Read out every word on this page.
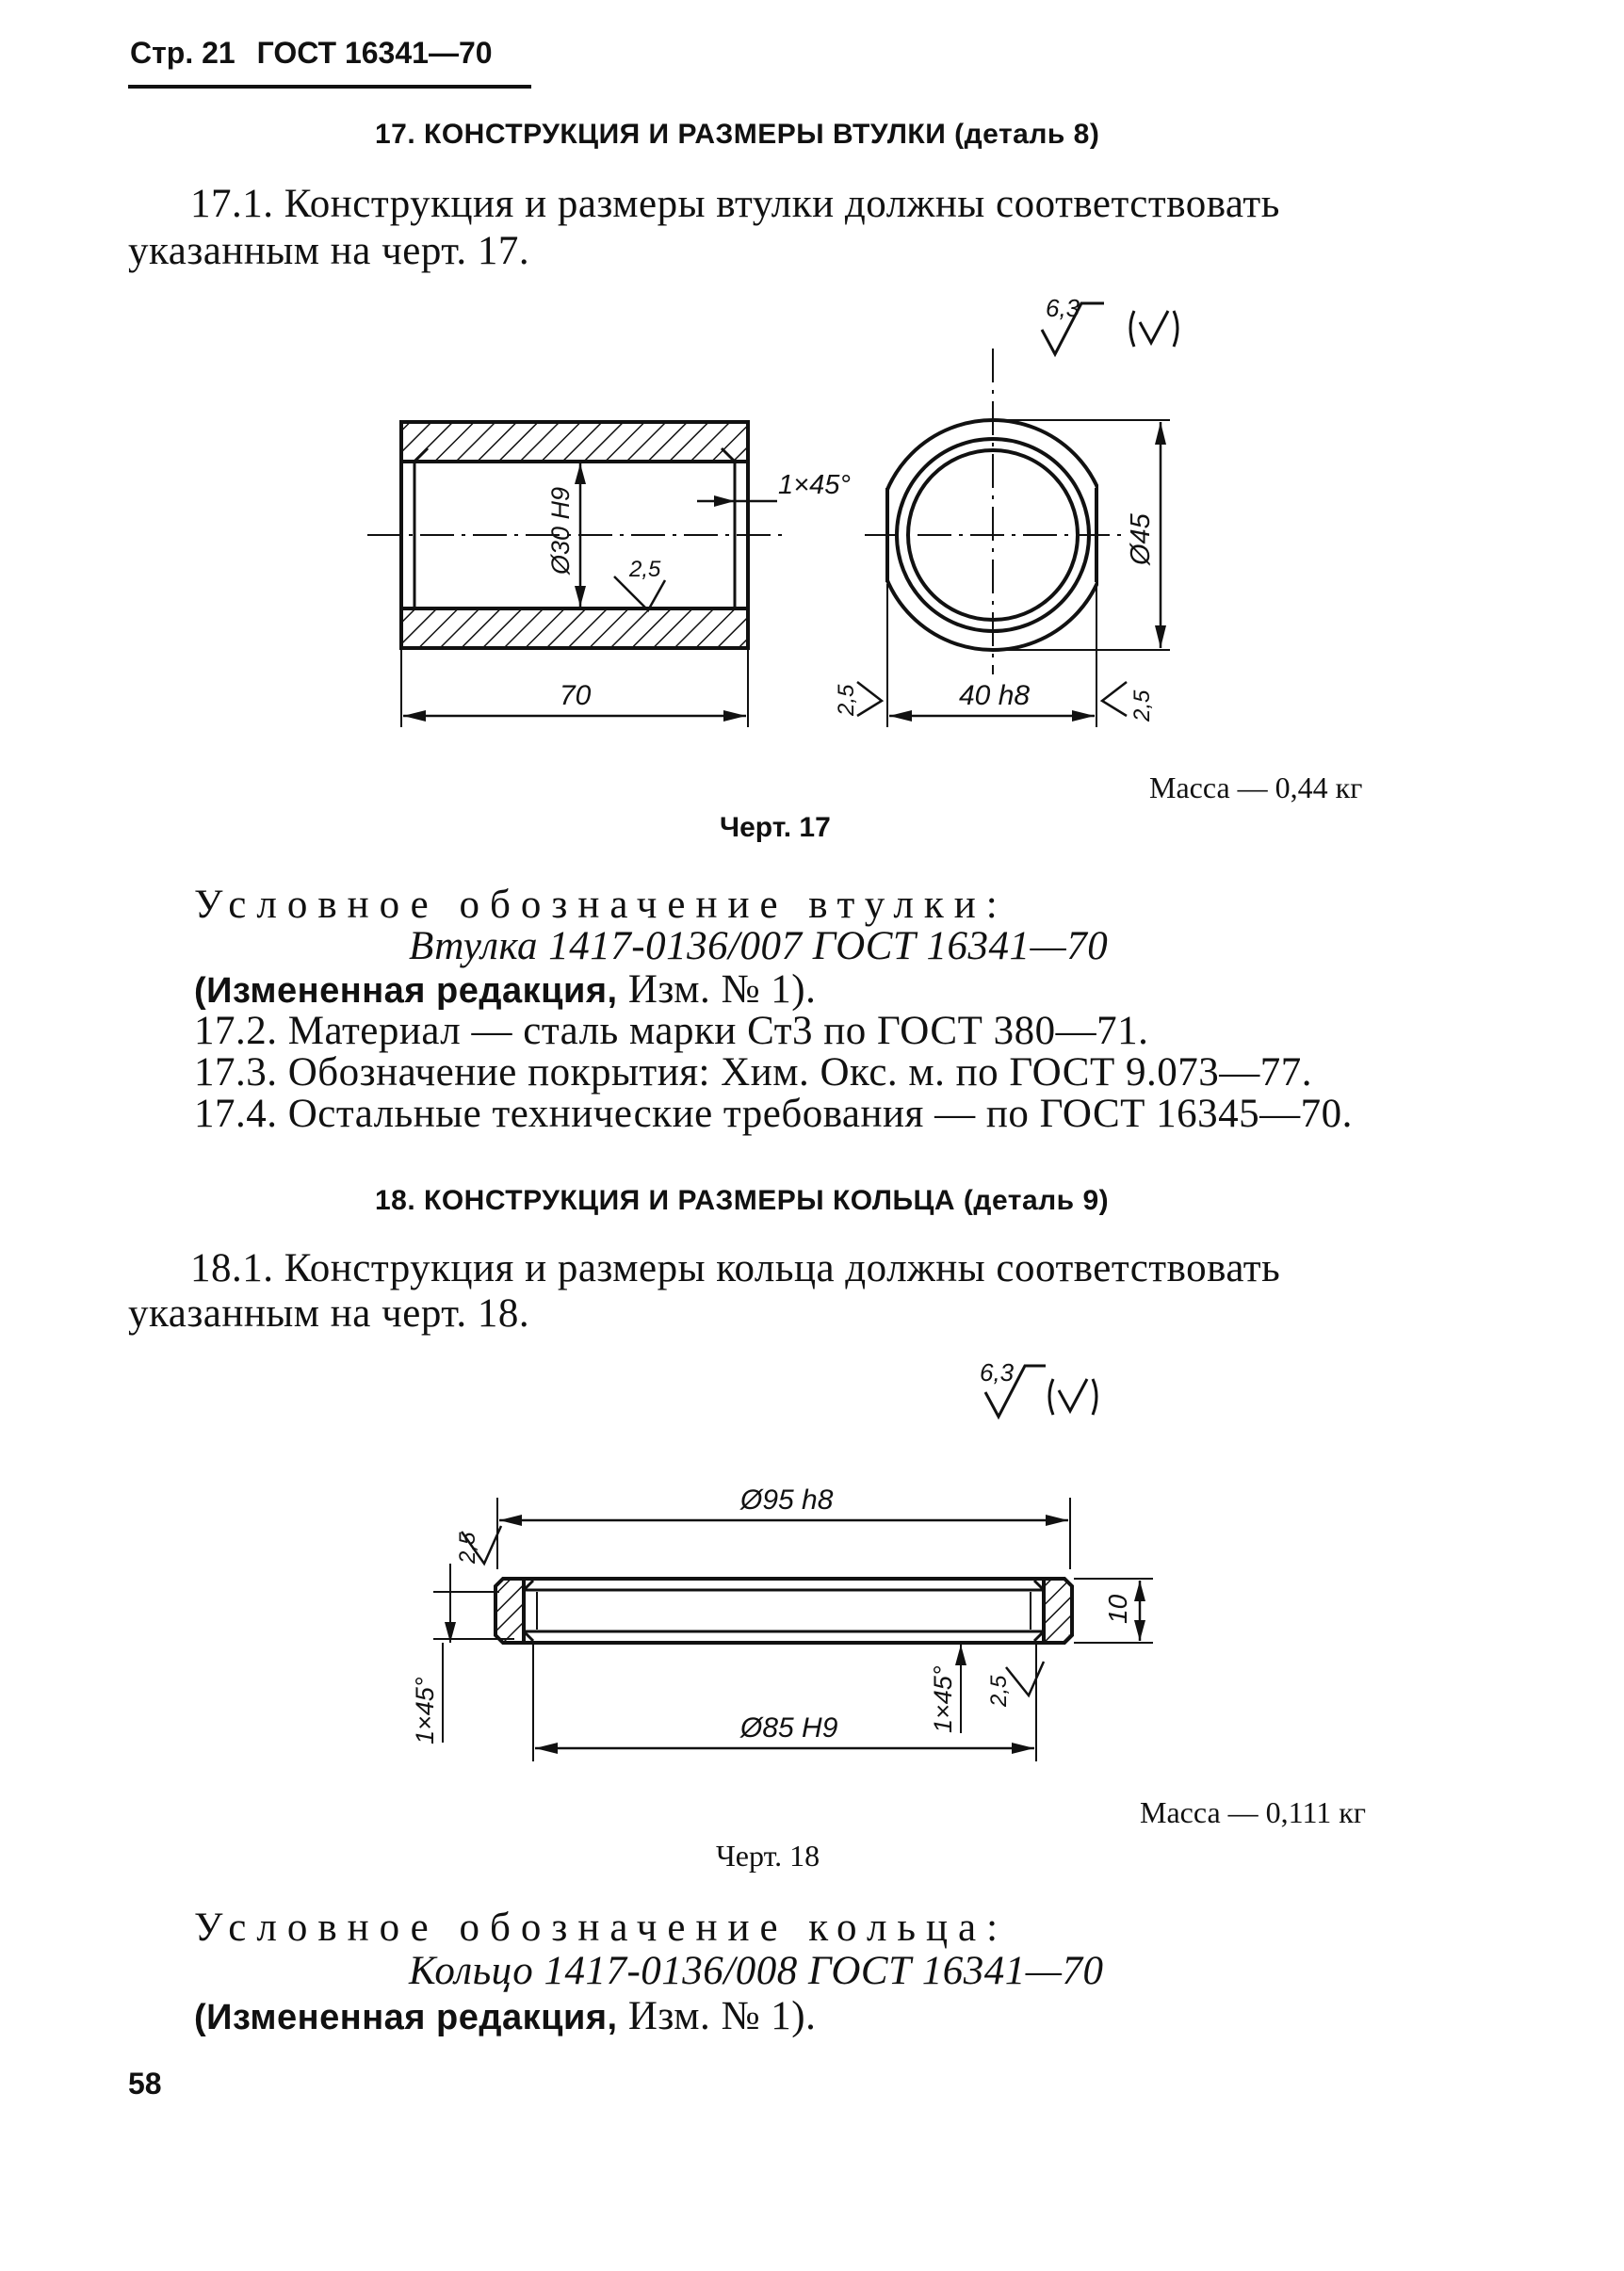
Стр. 21 ГОСТ 16341—70
17. КОНСТРУКЦИЯ И РАЗМЕРЫ ВТУЛКИ (деталь 8)
17.1. Конструкция и размеры втулки должны соответствовать
указанным на черт. 17.
6,3
Ø30 H9
1×45°
2,5
70
Ø45
40 h8
2,5	2,5
Масса — 0,44 кг
Черт. 17
Условное обозначение втулки:
Втулка 1417-0136/007 ГОСТ 16341—70
(Измененная редакция, Изм. № 1).
17.2. Материал — сталь марки Ст3 по ГОСТ 380—71.
17.3. Обозначение покрытия: Хим. Окс. м. по ГОСТ 9.073—77.
17.4. Остальные технические требования — по ГОСТ 16345—70.
18. КОНСТРУКЦИЯ И РАЗМЕРЫ КОЛЬЦА (деталь 9)
18.1. Конструкция и размеры кольца должны соответствовать
указанным на черт. 18.
6,3
Ø95 h8
Ø85 H9
10
1×45°	1×45°
2,5
2,5
Масса — 0,111 кг
Черт. 18
Условное обозначение кольца:
Кольцо 1417-0136/008 ГОСТ 16341—70
(Измененная редакция, Изм. № 1).
58
